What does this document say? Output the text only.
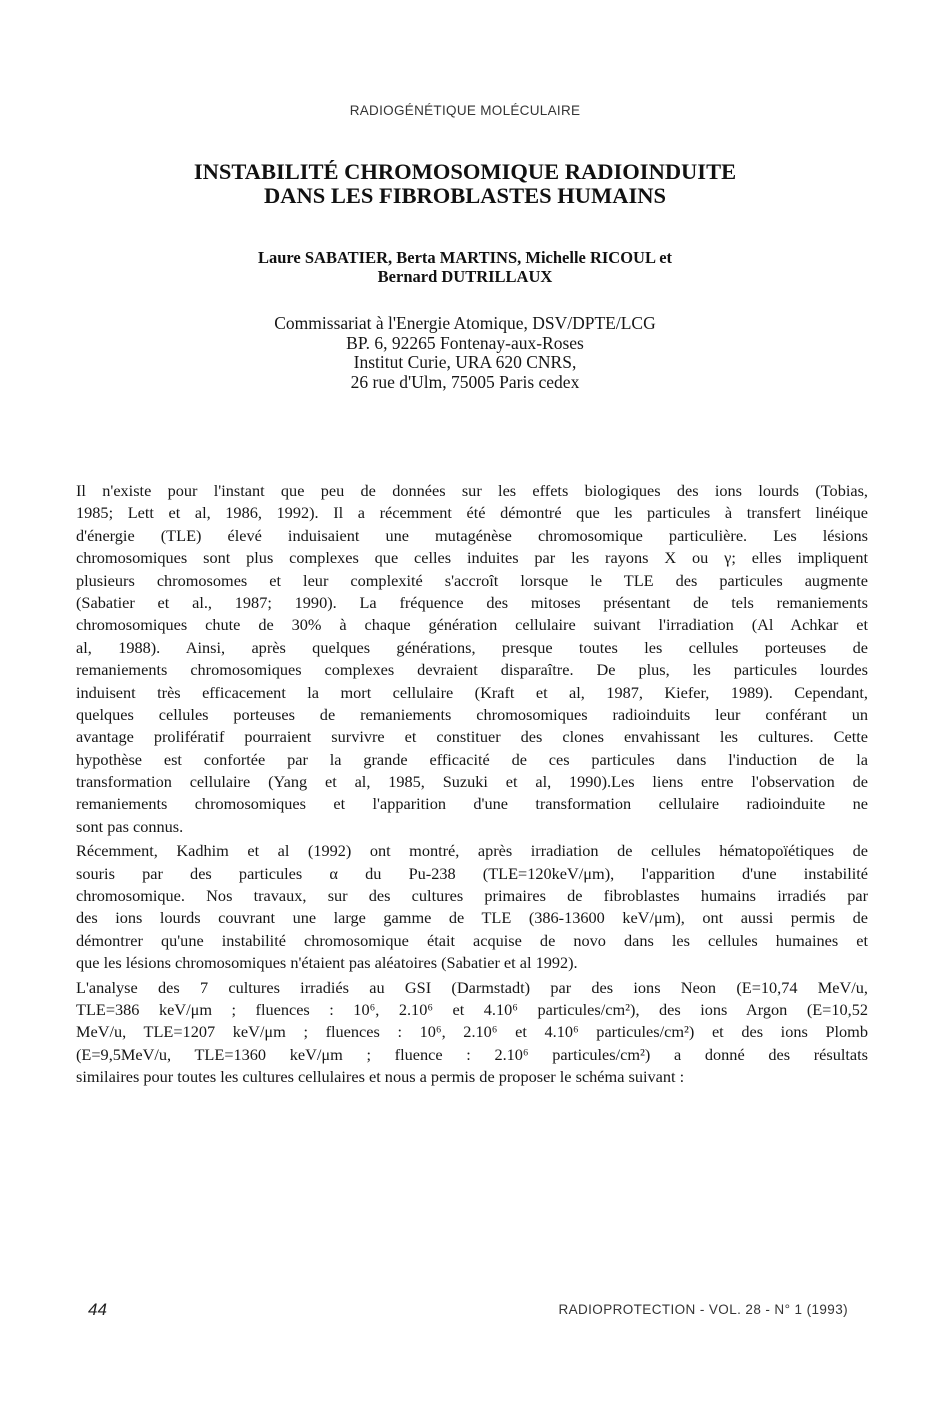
RADIOGÉNÉTIQUE MOLÉCULAIRE
INSTABILITÉ CHROMOSOMIQUE RADIOINDUITE
DANS LES FIBROBLASTES HUMAINS
Laure SABATIER, Berta MARTINS, Michelle RICOUL et
Bernard DUTRILLAUX
Commissariat à l'Energie Atomique, DSV/DPTE/LCG
BP. 6, 92265 Fontenay-aux-Roses
Institut Curie, URA 620 CNRS,
26 rue d'Ulm, 75005 Paris cedex
Il n'existe pour l'instant que peu de données sur les effets biologiques des ions lourds (Tobias,
1985; Lett et al, 1986, 1992). Il a récemment été démontré que les particules à transfert linéique
d'énergie (TLE) élevé induisaient une mutagénèse chromosomique particulière. Les lésions
chromosomiques sont plus complexes que celles induites par les rayons X ou γ; elles impliquent
plusieurs chromosomes et leur complexité s'accroît lorsque le TLE des particules augmente
(Sabatier et al., 1987; 1990). La fréquence des mitoses présentant de tels remaniements
chromosomiques chute de 30% à chaque génération cellulaire suivant l'irradiation (Al Achkar et
al, 1988). Ainsi, après quelques générations, presque toutes les cellules porteuses de
remaniements chromosomiques complexes devraient disparaître. De plus, les particules lourdes
induisent très efficacement la mort cellulaire (Kraft et al, 1987, Kiefer, 1989). Cependant,
quelques cellules porteuses de remaniements chromosomiques radioinduits leur conférant un
avantage prolifératif pourraient survivre et constituer des clones envahissant les cultures. Cette
hypothèse est confortée par la grande efficacité de ces particules dans l'induction de la
transformation cellulaire (Yang et al, 1985, Suzuki et al, 1990).Les liens entre l'observation de
remaniements chromosomiques et l'apparition d'une transformation cellulaire radioinduite ne
sont pas connus.
Récemment, Kadhim et al (1992) ont montré, après irradiation de cellules hématopoïétiques de
souris par des particules α du Pu-238 (TLE=120keV/μm), l'apparition d'une instabilité
chromosomique. Nos travaux, sur des cultures primaires de fibroblastes humains irradiés par
des ions lourds couvrant une large gamme de TLE (386-13600 keV/μm), ont aussi permis de
démontrer qu'une instabilité chromosomique était acquise de novo dans les cellules humaines et
que les lésions chromosomiques n'étaient pas aléatoires (Sabatier et al 1992).
L'analyse des 7 cultures irradiés au GSI (Darmstadt) par des ions Neon (E=10,74 MeV/u,
TLE=386 keV/μm ; fluences : 10⁶, 2.10⁶ et 4.10⁶ particules/cm²), des ions Argon (E=10,52
MeV/u, TLE=1207 keV/μm ; fluences : 10⁶, 2.10⁶ et 4.10⁶ particules/cm²) et des ions Plomb
(E=9,5MeV/u, TLE=1360 keV/μm ; fluence : 2.10⁶ particules/cm²) a donné des résultats
similaires pour toutes les cultures cellulaires et nous a permis de proposer le schéma suivant :
44	RADIOPROTECTION - VOL. 28 - N° 1 (1993)
